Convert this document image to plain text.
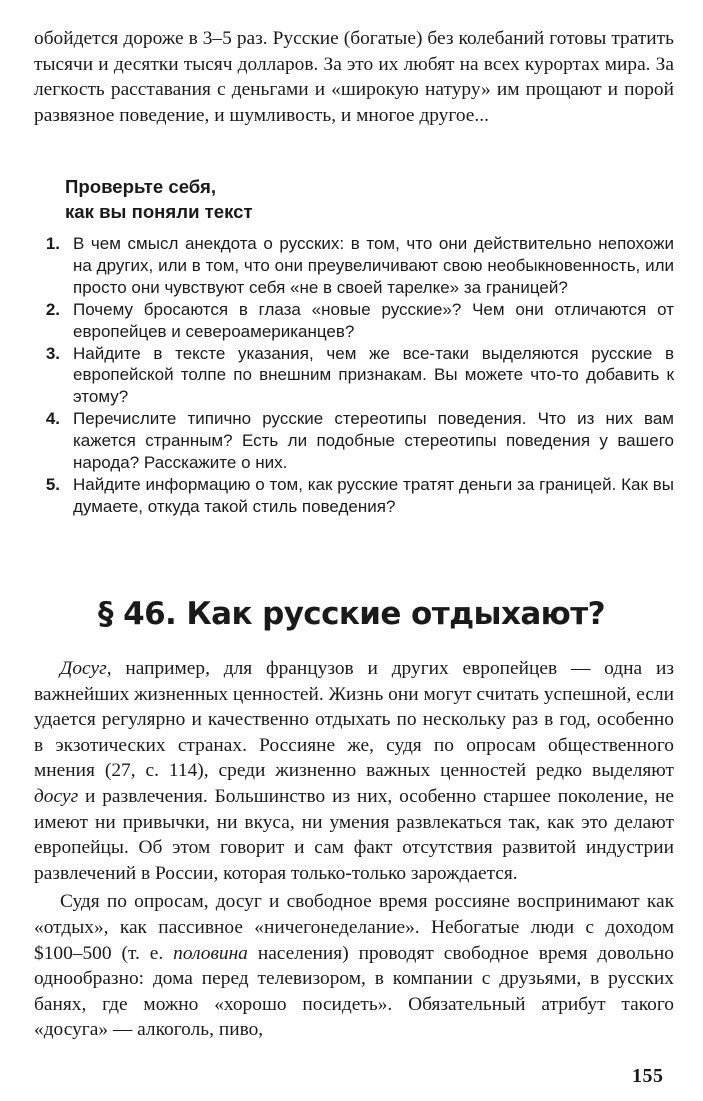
обойдется дороже в 3–5 раз. Русские (богатые) без колебаний готовы тратить тысячи и десятки тысяч долларов. За это их любят на всех курортах мира. За легкость расставания с деньгами и «широкую натуру» им прощают и порой развязное поведение, и шумливость, и многое другое...

Проверьте себя,
как вы поняли текст
1. В чем смысл анекдота о русских: в том, что они действительно непохожи на других, или в том, что они преувеличивают свою необыкновенность, или просто они чувствуют себя «не в своей тарелке» за границей?
2. Почему бросаются в глаза «новые русские»? Чем они отличаются от европейцев и североамериканцев?
3. Найдите в тексте указания, чем же все-таки выделяются русские в европейской толпе по внешним признакам. Вы можете что-то добавить к этому?
4. Перечислите типично русские стереотипы поведения. Что из них вам кажется странным? Есть ли подобные стереотипы поведения у вашего народа? Расскажите о них.
5. Найдите информацию о том, как русские тратят деньги за границей. Как вы думаете, откуда такой стиль поведения?
§ 46. Как русские отдыхают?

Досуг, например, для французов и других европейцев — одна из важнейших жизненных ценностей. Жизнь они могут считать успешной, если удается регулярно и качественно отдыхать по нескольку раз в год, особенно в экзотических странах. Россияне же, судя по опросам общественного мнения (27, с. 114), среди жизненно важных ценностей редко выделяют досуг и развлечения. Большинство из них, особенно старшее поколение, не имеют ни привычки, ни вкуса, ни умения развлекаться так, как это делают европейцы. Об этом говорит и сам факт отсутствия развитой индустрии развлечений в России, которая только-только зарождается.

Судя по опросам, досуг и свободное время россияне воспринимают как «отдых», как пассивное «ничегонеделание». Небогатые люди с доходом $100–500 (т. е. половина населения) проводят свободное время довольно однообразно: дома перед телевизором, в компании с друзьями, в русских банях, где можно «хорошо посидеть». Обязательный атрибут такого «досуга» — алкоголь, пиво,

155
